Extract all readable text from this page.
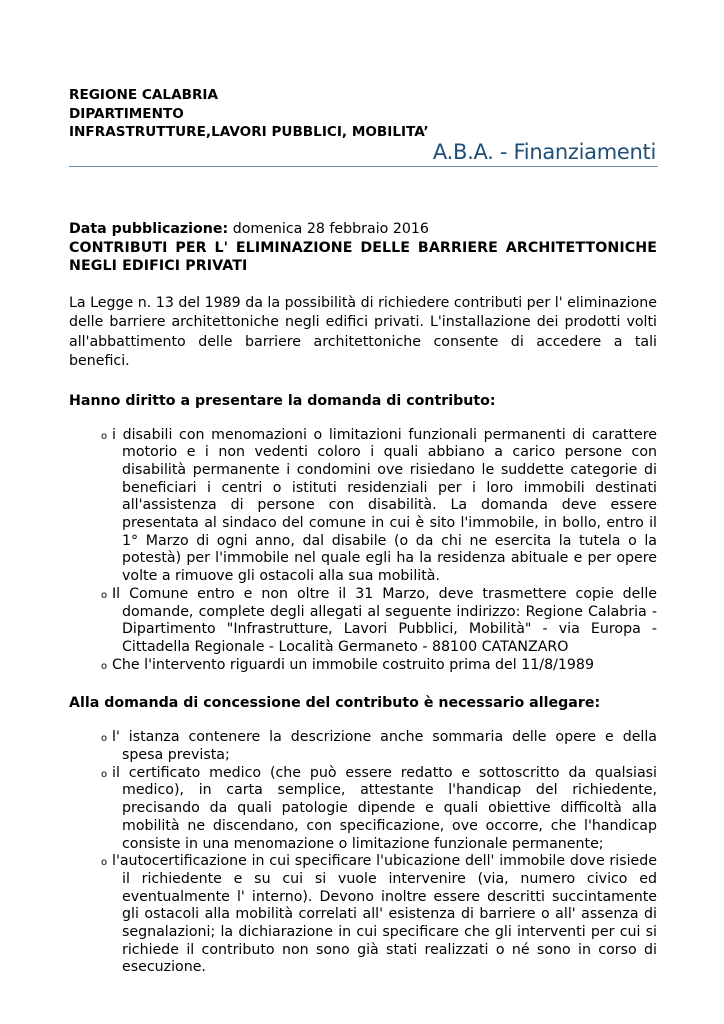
REGIONE CALABRIA
DIPARTIMENTO
INFRASTRUTTURE,LAVORI PUBBLICI, MOBILITA’
A.B.A. - Finanziamenti
Data pubblicazione: domenica 28 febbraio 2016
CONTRIBUTI PER L' ELIMINAZIONE DELLE BARRIERE ARCHITETTONICHE NEGLI EDIFICI PRIVATI
La Legge n. 13 del 1989 da la possibilità di richiedere contributi per l' eliminazione delle barriere architettoniche negli edifici privati. L'installazione dei prodotti volti all'abbattimento delle barriere architettoniche consente di accedere a tali benefici.
Hanno diritto a presentare la domanda di contributo:
o i disabili con menomazioni o limitazioni funzionali permanenti di carattere motorio e i non vedenti coloro i quali abbiano a carico persone con disabilità permanente i condomini ove risiedano le suddette categorie di beneficiari i centri o istituti residenziali per i loro immobili destinati all'assistenza di persone con disabilità. La domanda deve essere presentata al sindaco del comune in cui è sito l'immobile, in bollo, entro il 1° Marzo di ogni anno, dal disabile (o da chi ne esercita la tutela o la potestà) per l'immobile nel quale egli ha la residenza abituale e per opere volte a rimuove gli ostacoli alla sua mobilità.
o Il Comune entro e non oltre il 31 Marzo, deve trasmettere copie delle domande, complete degli allegati al seguente indirizzo: Regione Calabria - Dipartimento "Infrastrutture, Lavori Pubblici, Mobilità" - via Europa - Cittadella Regionale - Località Germaneto - 88100 CATANZARO
o Che l'intervento riguardi un immobile costruito prima del 11/8/1989
Alla domanda di concessione del contributo è necessario allegare:
o l' istanza contenere la descrizione anche sommaria delle opere e della spesa prevista;
o il certificato medico (che può essere redatto e sottoscritto da qualsiasi medico), in carta semplice, attestante l'handicap del richiedente, precisando da quali patologie dipende e quali obiettive difficoltà alla mobilità ne discendano, con specificazione, ove occorre, che l'handicap consiste in una menomazione o limitazione funzionale permanente;
o l'autocertificazione in cui specificare l'ubicazione dell' immobile dove risiede il richiedente e su cui si vuole intervenire (via, numero civico ed eventualmente l' interno). Devono inoltre essere descritti succintamente gli ostacoli alla mobilità correlati all' esistenza di barriere o all' assenza di segnalazioni; la dichiarazione in cui specificare che gli interventi per cui si richiede il contributo non sono già stati realizzati o né sono in corso di esecuzione.
